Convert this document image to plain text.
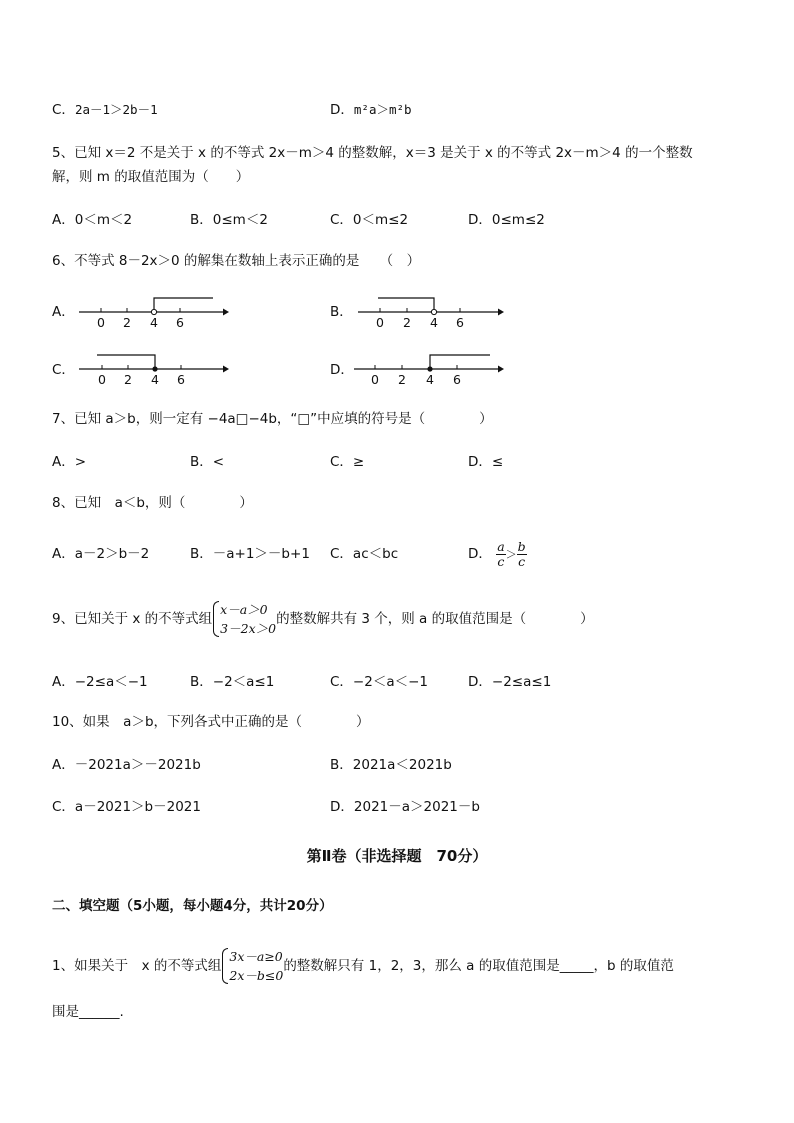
C．2a－1＞2b－1	D．m²a＞m²b
5、已知 x＝2 不是关于 x 的不等式 2x－m＞4 的整数解，x＝3 是关于 x 的不等式 2x－m＞4 的一个整数
解，则 m 的取值范围为（　　）
A．0＜m＜2	B．0≤m＜2	C．0＜m≤2	D．0≤m≤2
6、不等式 8－2x＞0 的解集在数轴上表示正确的是　　（　）
A．
0 2 4 6
B．
0 2 4 6
C．
0 2 4 6
D．
0 2 4 6
7、已知 a＞b，则一定有 −4a□−4b，“□”中应填的符号是（　　　　）
A．>	B．<	C．≥	D．≤
8、已知　a＜b，则（　　　　）
A．a－2＞b－2	B．－a+1＞－b+1 C．ac＜bc	D． $\frac{a}{c} > \frac{b}{c}$
9、已知关于 x 的不等式组
x－a＞0
3－2x＞0
的整数解共有 3 个，则 a 的取值范围是（　　　　）
A．−2≤a＜−1	B．−2＜a≤1	C．−2＜a＜−1	D．−2≤a≤1
10、如果　a＞b，下列各式中正确的是（　　　　）
A．－2021a＞－2021b	B．2021a＜2021b
C．a－2021＞b－2021	D．2021－a＞2021－b
第Ⅱ卷（非选择题　70分）
二、填空题（5小题，每小题4分，共计20分）
1、如果关于　x 的不等式组
3x－a≥0
2x－b≤0
的整数解只有 1，2，3，那么 a 的取值范围是_____，b 的取值范
围是______.
